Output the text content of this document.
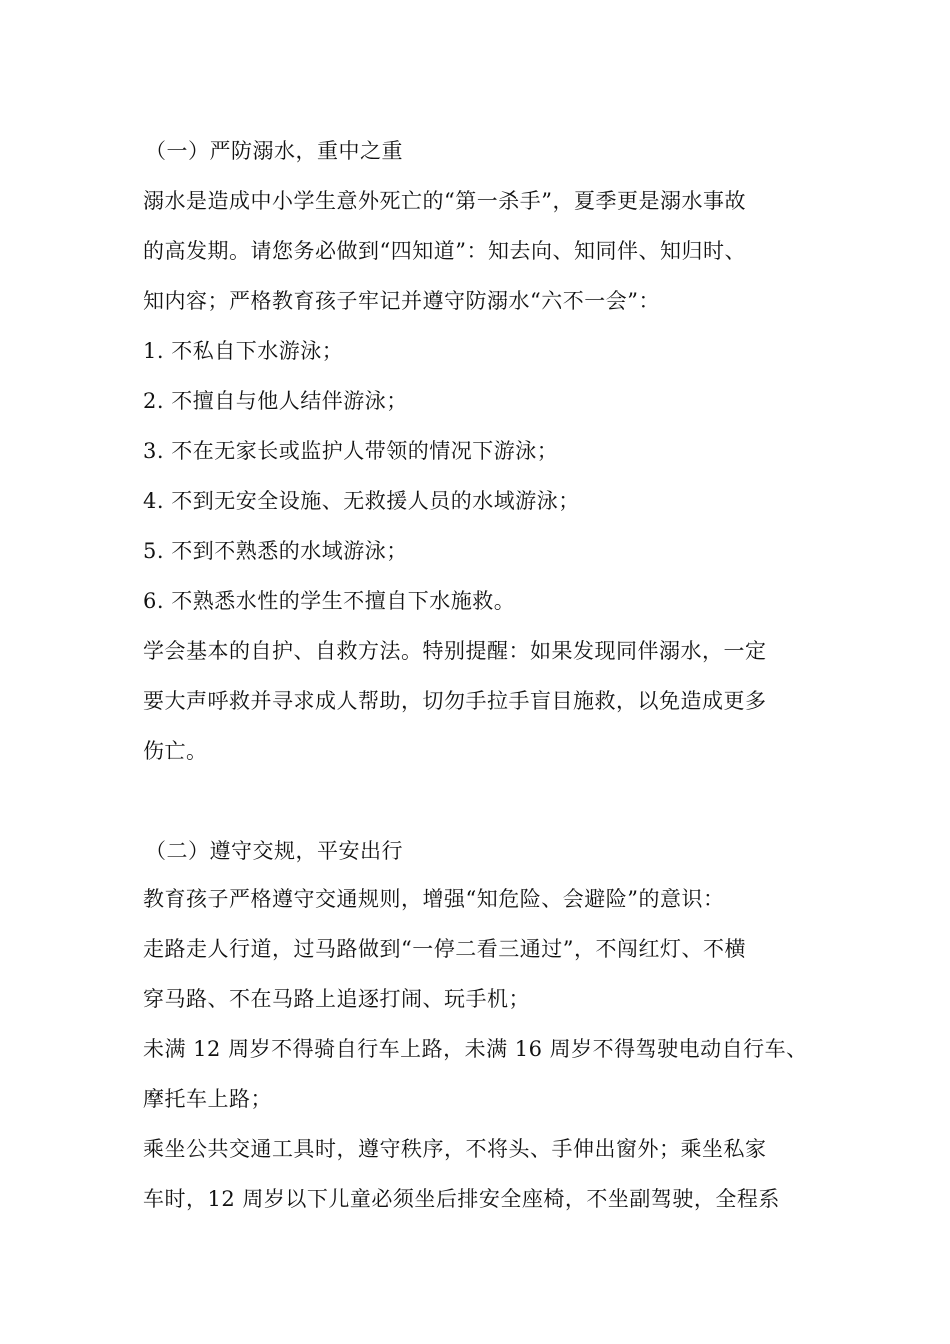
（一）严防溺水，重中之重
溺水是造成中小学生意外死亡的“第一杀手”，夏季更是溺水事故
的高发期。请您务必做到“四知道”：知去向、知同伴、知归时、
知内容；严格教育孩子牢记并遵守防溺水“六不一会”：
1. 不私自下水游泳；
2. 不擅自与他人结伴游泳；
3. 不在无家长或监护人带领的情况下游泳；
4. 不到无安全设施、无救援人员的水域游泳；
5. 不到不熟悉的水域游泳；
6. 不熟悉水性的学生不擅自下水施救。
学会基本的自护、自救方法。特别提醒：如果发现同伴溺水，一定
要大声呼救并寻求成人帮助，切勿手拉手盲目施救，以免造成更多
伤亡。
（二）遵守交规，平安出行
教育孩子严格遵守交通规则，增强“知危险、会避险”的意识：
走路走人行道，过马路做到“一停二看三通过”，不闯红灯、不横
穿马路、不在马路上追逐打闹、玩手机；
未满 12 周岁不得骑自行车上路，未满 16 周岁不得驾驶电动自行车、
摩托车上路；
乘坐公共交通工具时，遵守秩序，不将头、手伸出窗外；乘坐私家
车时，12 周岁以下儿童必须坐后排安全座椅，不坐副驾驶，全程系
